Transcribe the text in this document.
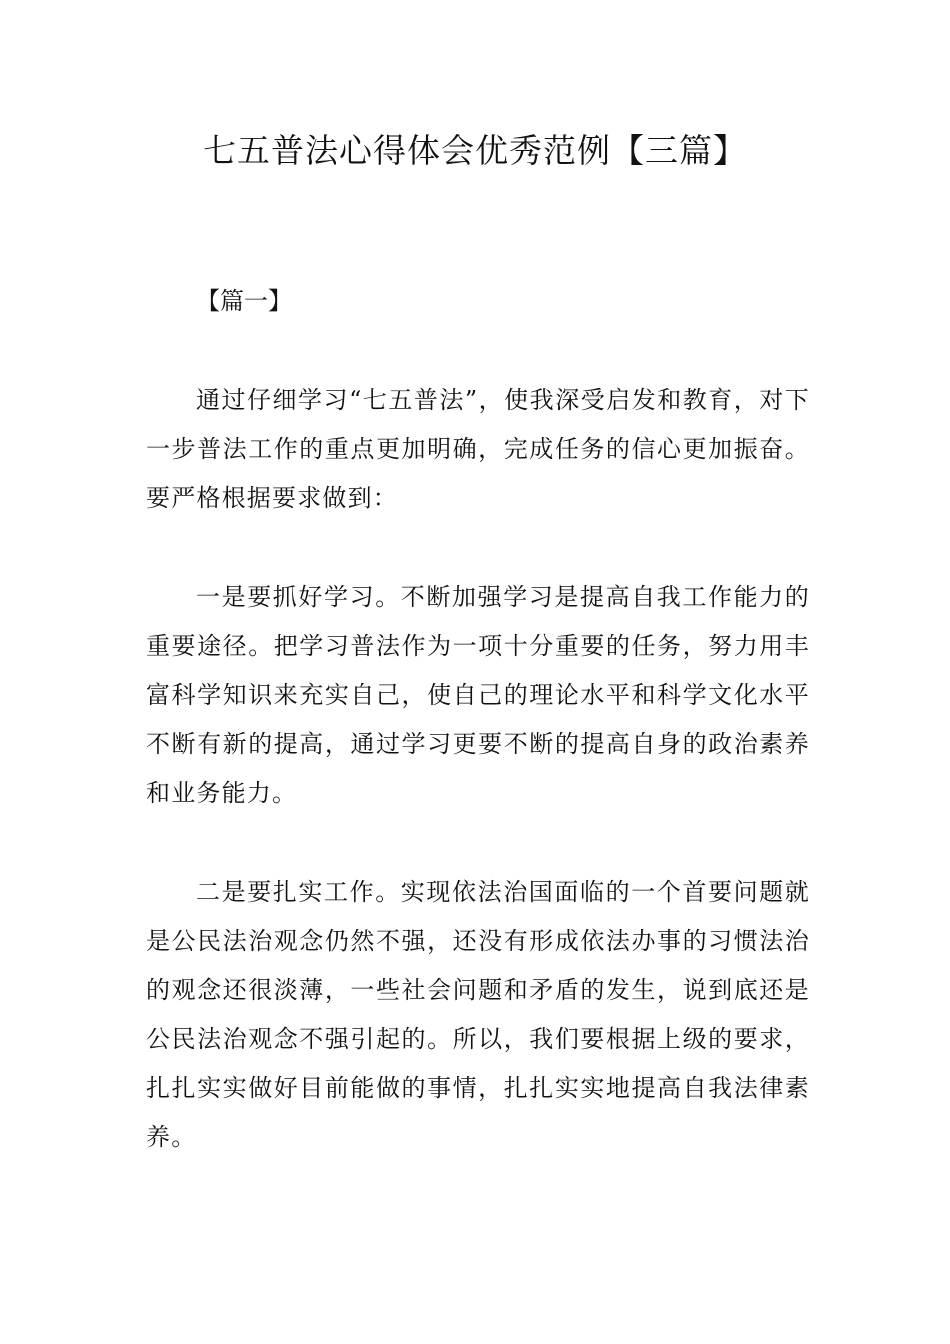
七五普法心得体会优秀范例【三篇】
【篇一】

通过仔细学习“七五普法”，使我深受启发和教育，对下一步普法工作的重点更加明确，完成任务的信心更加振奋。要严格根据要求做到：

一是要抓好学习。不断加强学习是提高自我工作能力的重要途径。把学习普法作为一项十分重要的任务，努力用丰富科学知识来充实自己，使自己的理论水平和科学文化水平不断有新的提高，通过学习更要不断的提高自身的政治素养和业务能力。

二是要扎实工作。实现依法治国面临的一个首要问题就是公民法治观念仍然不强，还没有形成依法办事的习惯法治的观念还很淡薄，一些社会问题和矛盾的发生，说到底还是公民法治观念不强引起的。所以，我们要根据上级的要求，扎扎实实做好目前能做的事情，扎扎实实地提高自我法律素养。
